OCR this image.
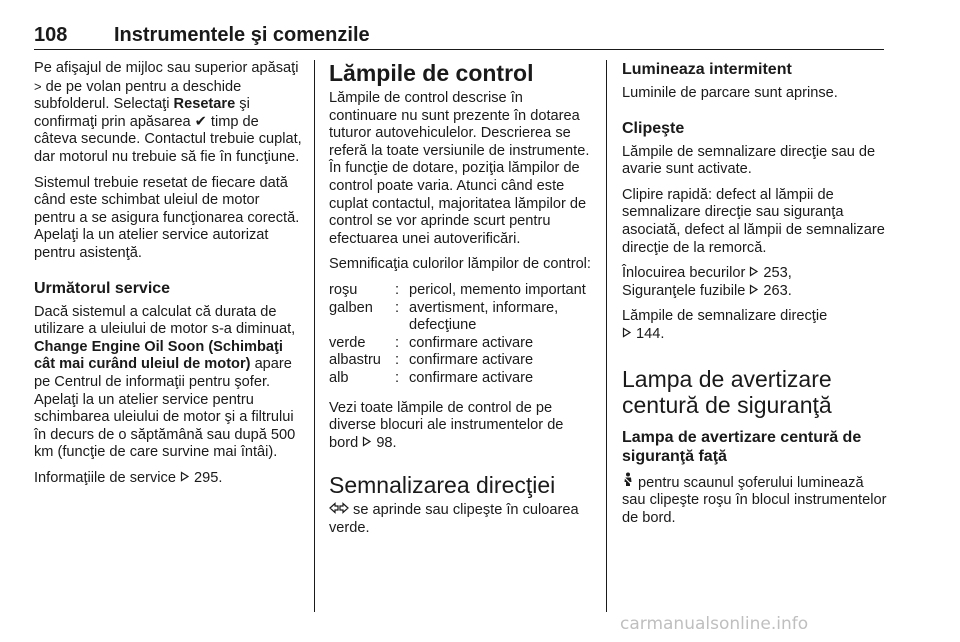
108 Instrumentele şi comenzile

Pe afişajul de mijloc sau superior apăsaţi > de pe volan pentru a deschide subfolderul. Selectaţi Resetare şi confirmaţi prin apăsarea ✔ timp de câteva secunde. Contactul trebuie cuplat, dar motorul nu trebuie să fie în funcţiune.

Sistemul trebuie resetat de fiecare dată când este schimbat uleiul de motor pentru a se asigura funcţionarea corectă. Apelaţi la un atelier service autorizat pentru asistenţă.

Următorul service

Dacă sistemul a calculat că durata de utilizare a uleiului de motor s-a diminuat, Change Engine Oil Soon (Schimbaţi cât mai curând uleiul de motor) apare pe Centrul de informaţii pentru şofer. Apelaţi la un atelier service pentru schimbarea uleiului de motor şi a filtrului în decurs de o săptămână sau după 500 km (funcţie de care survine mai întâi).

Informaţiile de service  295.

Lămpile de control

Lămpile de control descrise în continuare nu sunt prezente în dotarea tuturor autovehiculelor. Descrierea se referă la toate versiunile de instrumente. În funcţie de dotare, poziţia lămpilor de control poate varia. Atunci când este cuplat contactul, majoritatea lămpilor de control se vor aprinde scurt pentru efectuarea unei autoverificări.

Semnificaţia culorilor lămpilor de control:

roşu	:	pericol, memento important
galben	:	avertisment, informare, defecţiune
verde	:	confirmare activare
albastru	:	confirmare activare
alb	:	confirmare activare

Vezi toate lămpile de control de pe diverse blocuri ale instrumentelor de bord  98.

Semnalizarea direcţiei

se aprinde sau clipeşte în culoarea verde.

Lumineaza intermitent

Luminile de parcare sunt aprinse.

Clipeşte

Lămpile de semnalizare direcţie sau de avarie sunt activate.

Clipire rapidă: defect al lămpii de semnalizare direcţie sau siguranţa asociată, defect al lămpii de semnalizare direcţie de la remorcă.

Înlocuirea becurilor  253,
Siguranţele fuzibile  263.

Lămpile de semnalizare direcţie
144.

Lampa de avertizare centură de siguranţă
Lampa de avertizare centură de siguranţă faţă

pentru scaunul şoferului luminează sau clipeşte roşu în blocul instrumentelor de bord.

carmanualsonline.info
